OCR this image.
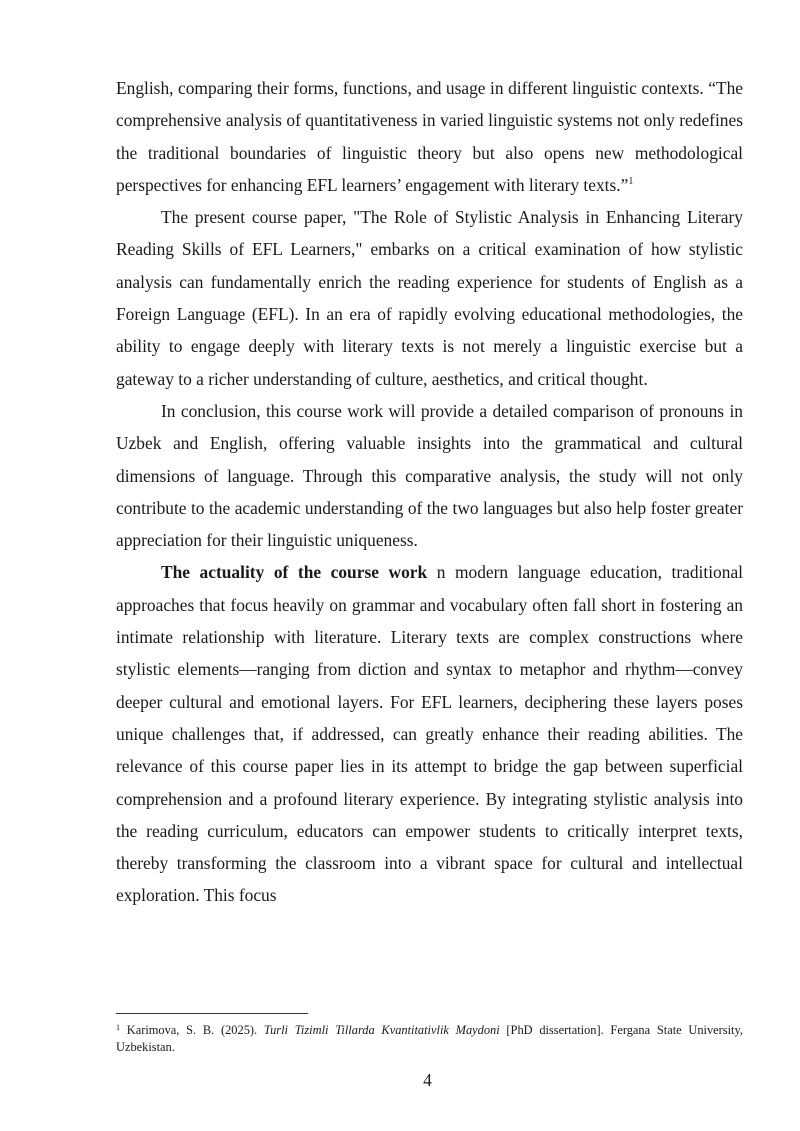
English, comparing their forms, functions, and usage in different linguistic contexts. “The comprehensive analysis of quantitativeness in varied linguistic systems not only redefines the traditional boundaries of linguistic theory but also opens new methodological perspectives for enhancing EFL learners’ engagement with literary texts.”$^1$

The present course paper, "The Role of Stylistic Analysis in Enhancing Literary Reading Skills of EFL Learners," embarks on a critical examination of how stylistic analysis can fundamentally enrich the reading experience for students of English as a Foreign Language (EFL). In an era of rapidly evolving educational methodologies, the ability to engage deeply with literary texts is not merely a linguistic exercise but a gateway to a richer understanding of culture, aesthetics, and critical thought.

In conclusion, this course work will provide a detailed comparison of pronouns in Uzbek and English, offering valuable insights into the grammatical and cultural dimensions of language. Through this comparative analysis, the study will not only contribute to the academic understanding of the two languages but also help foster greater appreciation for their linguistic uniqueness.

The actuality of the course work n modern language education, traditional approaches that focus heavily on grammar and vocabulary often fall short in fostering an intimate relationship with literature. Literary texts are complex constructions where stylistic elements—ranging from diction and syntax to metaphor and rhythm—convey deeper cultural and emotional layers. For EFL learners, deciphering these layers poses unique challenges that, if addressed, can greatly enhance their reading abilities. The relevance of this course paper lies in its attempt to bridge the gap between superficial comprehension and a profound literary experience. By integrating stylistic analysis into the reading curriculum, educators can empower students to critically interpret texts, thereby transforming the classroom into a vibrant space for cultural and intellectual exploration. This focus

$^1$ Karimova, S. B. (2025). Turli Tizimli Tillarda Kvantitativlik Maydoni [PhD dissertation]. Fergana State University, Uzbekistan.
4
